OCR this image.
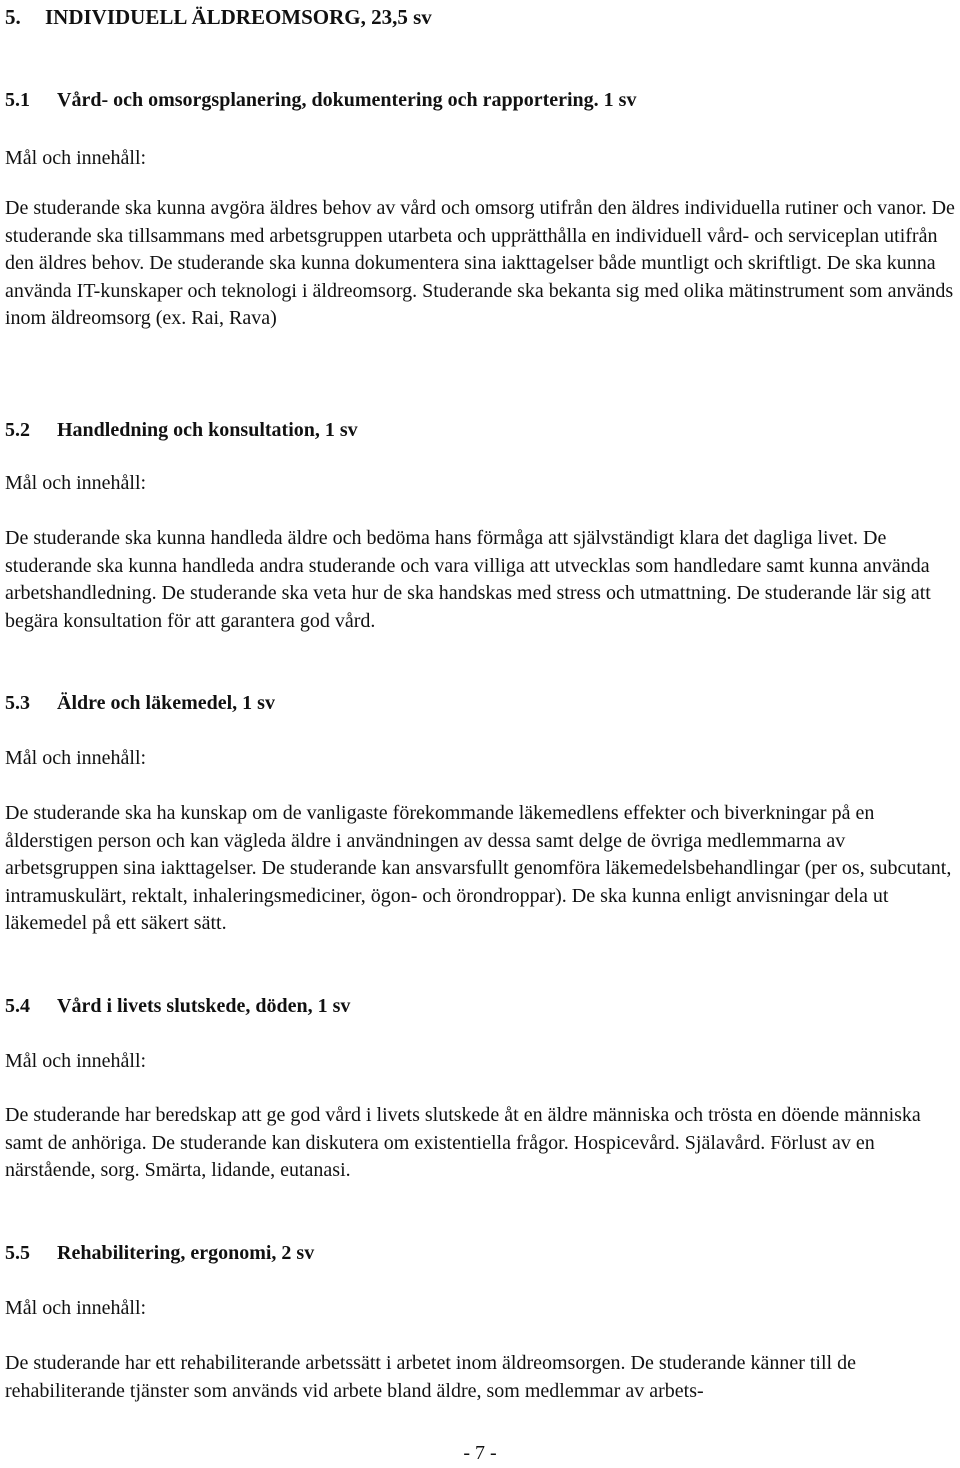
5. INDIVIDUELL ÄLDREOMSORG, 23,5 sv
5.1 Vård- och omsorgsplanering, dokumentering och rapportering. 1 sv
Mål och innehåll:

De studerande ska kunna avgöra äldres behov av vård och omsorg utifrån den äldres individuella rutiner och vanor. De studerande ska tillsammans med arbetsgruppen utarbeta och upprätthålla en individuell vård- och serviceplan utifrån den äldres behov. De studerande ska kunna dokumentera sina iakttagelser både muntligt och skriftligt. De ska kunna använda IT-kunskaper och teknologi i äldreomsorg. Studerande ska bekanta sig med olika mätinstrument som används inom äldreomsorg (ex. Rai, Rava)

5.2 Handledning och konsultation, 1 sv
Mål och innehåll:

De studerande ska kunna handleda äldre och bedöma hans förmåga att självständigt klara det dagliga livet. De studerande ska kunna handleda andra studerande och vara villiga att utvecklas som handledare samt kunna använda arbetshandledning. De studerande ska veta hur de ska handskas med stress och utmattning. De studerande lär sig att begära konsultation för att garantera god vård.

5.3 Äldre och läkemedel, 1 sv
Mål och innehåll:

De studerande ska ha kunskap om de vanligaste förekommande läkemedlens effekter och biverkningar på en ålderstigen person och kan vägleda äldre i användningen av dessa samt delge de övriga medlemmarna av arbetsgruppen sina iakttagelser. De studerande kan ansvarsfullt genomföra läkemedelsbehandlingar (per os, subcutant, intramuskulärt, rektalt, inhaleringsmediciner, ögon- och örondroppar). De ska kunna enligt anvisningar dela ut läkemedel på ett säkert sätt.

5.4 Vård i livets slutskede, döden, 1 sv
Mål och innehåll:

De studerande har beredskap att ge god vård i livets slutskede åt en äldre människa och trösta en döende människa samt de anhöriga. De studerande kan diskutera om existentiella frågor. Hospicevård. Själavård. Förlust av en närstående, sorg. Smärta, lidande, eutanasi.

5.5 Rehabilitering, ergonomi, 2 sv
Mål och innehåll:

De studerande har ett rehabiliterande arbetssätt i arbetet inom äldreomsorgen. De studerande känner till de rehabiliterande tjänster som används vid arbete bland äldre, som medlemmar av arbets-

- 7 -
